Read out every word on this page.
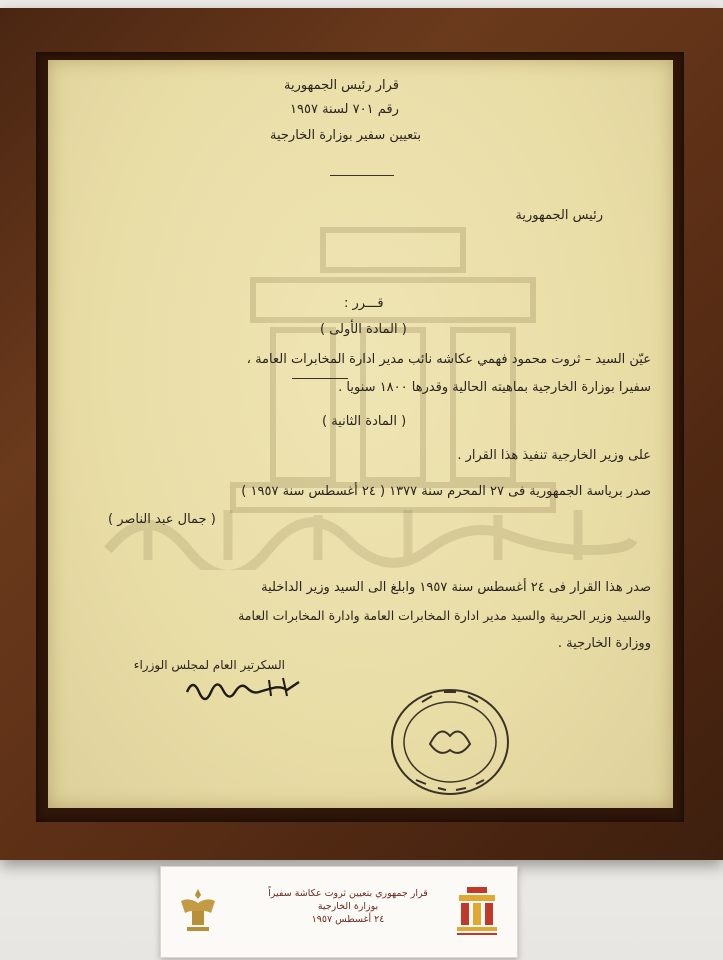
قرار رئيس الجمهورية
رقم ٧٠١ لسنة ١٩٥٧
بتعيين سفير بوزارة الخارجية
رئيس الجمهورية
قـــرر :
( المادة الأولى )
عيّن السيد – ثروت محمود فهمي عكاشه نائب مدير ادارة المخابرات العامة ،
سفيرا بوزارة الخارجية بماهيته الحالية وقدرها ١٨٠٠ سنويا .
( المادة الثانية )
على وزير الخارجية تنفيذ هذا القرار .
صدر برياسة الجمهورية فى ٢٧ المحرم سنة ١٣٧٧ ( ٢٤ أغسطس سنة ١٩٥٧ )
( جمال عبد الناصر )
صدر هذا القرار فى ٢٤ أغسطس سنة ١٩٥٧ وابلغ الى السيد وزير الداخلية
والسيد وزير الحربية والسيد مدير ادارة المخابرات العامة وادارة المخابرات العامة
ووزارة الخارجية .
السكرتير العام لمجلس الوزراء
قرار جمهوري بتعيين ثروت عكاشة سفيراً
بوزارة الخارجية
٢٤ أغسطس ١٩٥٧
